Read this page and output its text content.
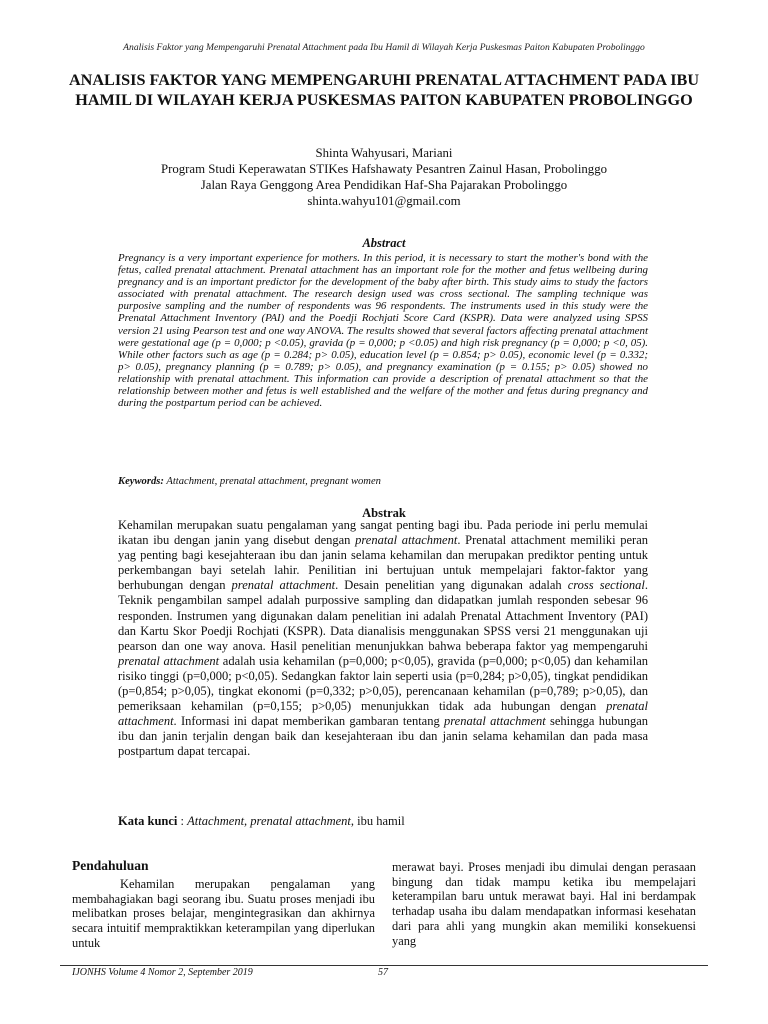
Analisis Faktor yang Mempengaruhi Prenatal Attachment pada Ibu Hamil di Wilayah Kerja Puskesmas Paiton Kabupaten Probolinggo
ANALISIS FAKTOR YANG MEMPENGARUHI PRENATAL ATTACHMENT PADA IBU HAMIL DI WILAYAH KERJA PUSKESMAS PAITON KABUPATEN PROBOLINGGO
Shinta Wahyusari, Mariani
Program Studi Keperawatan STIKes Hafshawaty Pesantren Zainul Hasan, Probolinggo
Jalan Raya Genggong Area Pendidikan Haf-Sha Pajarakan Probolinggo
shinta.wahyu101@gmail.com
Abstract

Pregnancy is a very important experience for mothers. In this period, it is necessary to start the mother's bond with the fetus, called prenatal attachment. Prenatal attachment has an important role for the mother and fetus wellbeing during pregnancy and is an important predictor for the development of the baby after birth. This study aims to study the factors associated with prenatal attachment. The research design used was cross sectional. The sampling technique was purposive sampling and the number of respondents was 96 respondents. The instruments used in this study were the Prenatal Attachment Inventory (PAI) and the Poedji Rochjati Score Card (KSPR). Data were analyzed using SPSS version 21 using Pearson test and one way ANOVA. The results showed that several factors affecting prenatal attachment were gestational age (p = 0,000; p <0.05), gravida (p = 0,000; p <0.05) and high risk pregnancy (p = 0,000; p <0, 05). While other factors such as age (p = 0.284; p> 0.05), education level (p = 0.854; p> 0.05), economic level (p = 0.332; p> 0.05), pregnancy planning (p = 0.789; p> 0.05), and pregnancy examination (p = 0.155; p> 0.05) showed no relationship with prenatal attachment. This information can provide a description of prenatal attachment so that the relationship between mother and fetus is well established and the welfare of the mother and fetus during pregnancy and during the postpartum period can be achieved.

Keywords: Attachment, prenatal attachment, pregnant women
Abstrak

Kehamilan merupakan suatu pengalaman yang sangat penting bagi ibu. Pada periode ini perlu memulai ikatan ibu dengan janin yang disebut dengan prenatal attachment. Prenatal attachment memiliki peran yag penting bagi kesejahteraan ibu dan janin selama kehamilan dan merupakan prediktor penting untuk perkembangan bayi setelah lahir. Penilitian ini bertujuan untuk mempelajari faktor-faktor yang berhubungan dengan prenatal attachment. Desain penelitian yang digunakan adalah cross sectional. Teknik pengambilan sampel adalah purpossive sampling dan didapatkan jumlah responden sebesar 96 responden. Instrumen yang digunakan dalam penelitian ini adalah Prenatal Attachment Inventory (PAI) dan Kartu Skor Poedji Rochjati (KSPR). Data dianalisis menggunakan SPSS versi 21 menggunakan uji pearson dan one way anova. Hasil penelitian menunjukkan bahwa beberapa faktor yag mempengaruhi prenatal attachment adalah usia kehamilan (p=0,000; p<0,05), gravida (p=0,000; p<0,05) dan kehamilan risiko tinggi (p=0,000; p<0,05). Sedangkan faktor lain seperti usia (p=0,284; p>0,05), tingkat pendidikan (p=0,854; p>0,05), tingkat ekonomi (p=0,332; p>0,05), perencanaan kehamilan (p=0,789; p>0,05), dan pemeriksaan kehamilan (p=0,155; p>0,05) menunjukkan tidak ada hubungan dengan prenatal attachment. Informasi ini dapat memberikan gambaran tentang prenatal attachment sehingga hubungan ibu dan janin terjalin dengan baik dan kesejahteraan ibu dan janin selama kehamilan dan pada masa postpartum dapat tercapai.

Kata kunci : Attachment, prenatal attachment, ibu hamil
Pendahuluan

Kehamilan merupakan pengalaman yang membahagiakan bagi seorang ibu. Suatu proses menjadi ibu melibatkan proses belajar, mengintegrasikan dan akhirnya secara intuitif mempraktikkan keterampilan yang diperlukan untuk

merawat bayi. Proses menjadi ibu dimulai dengan perasaan bingung dan tidak mampu ketika ibu mempelajari keterampilan baru untuk merawat bayi. Hal ini berdampak terhadap usaha ibu dalam mendapatkan informasi kesehatan dari para ahli yang mungkin akan memiliki konsekuensi yang

IJONHS Volume 4 Nomor 2, September 2019	57
